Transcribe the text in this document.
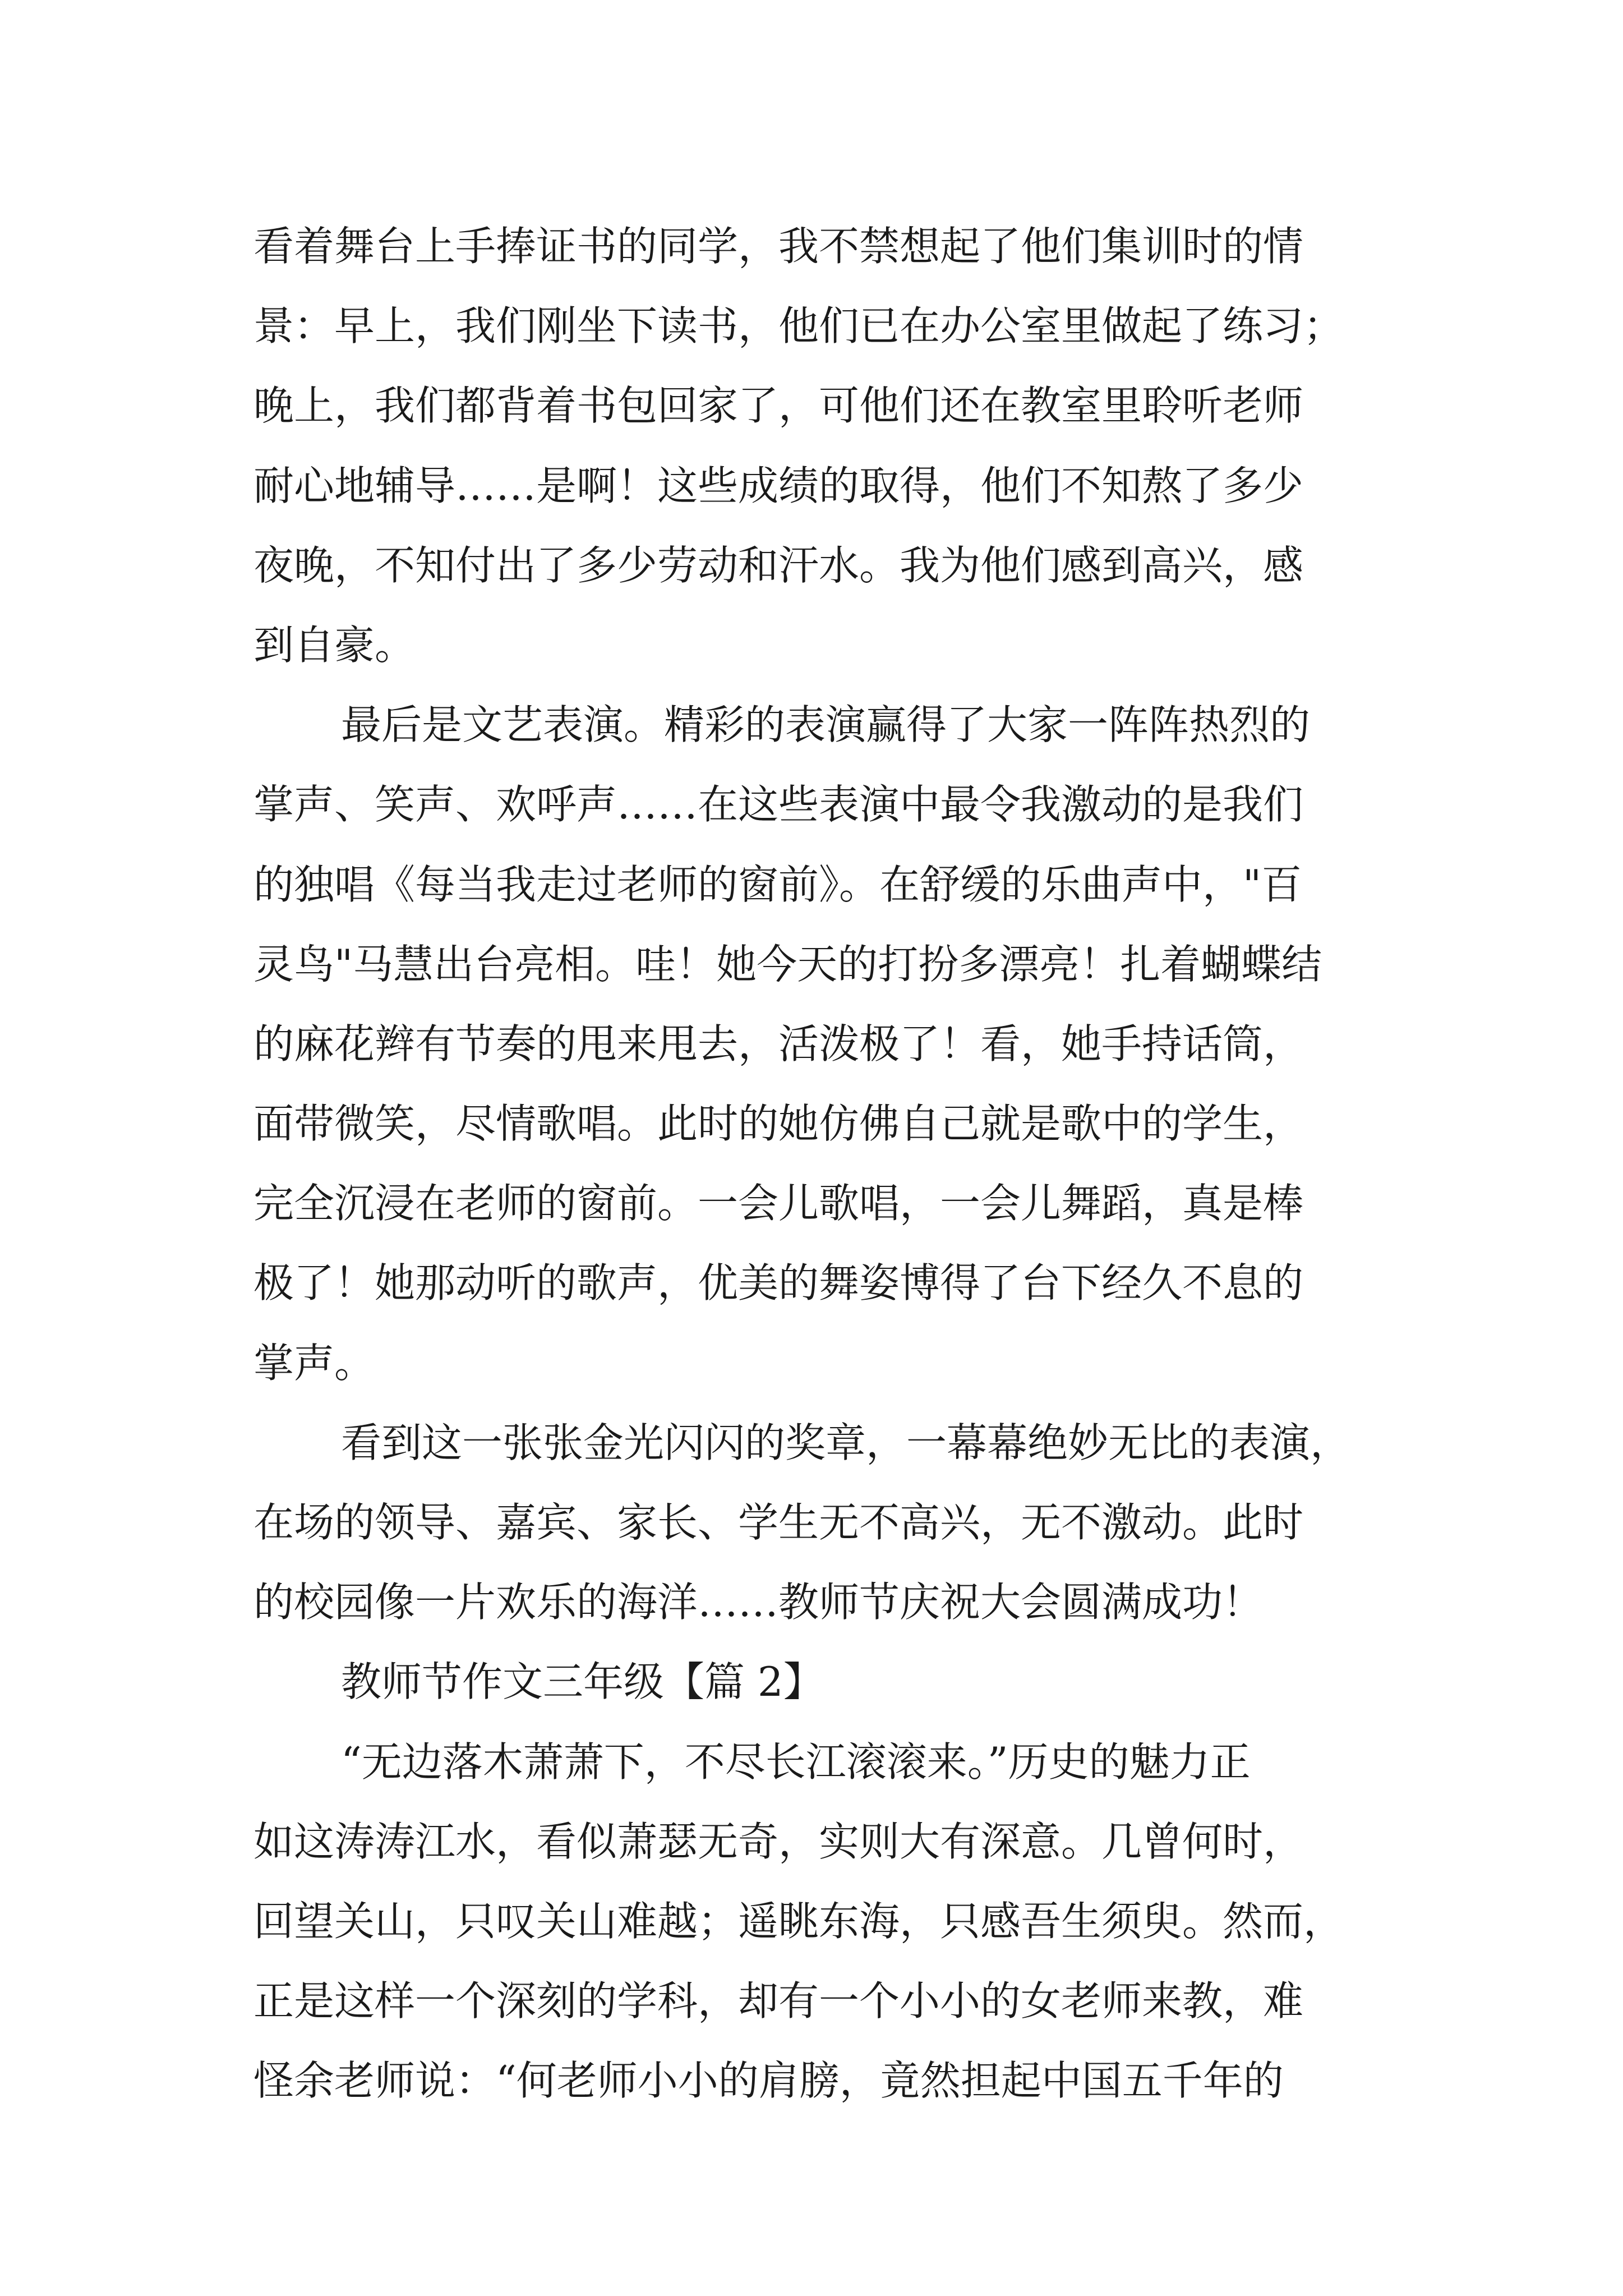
看着舞台上手捧证书的同学，我不禁想起了他们集训时的情
景：早上，我们刚坐下读书，他们已在办公室里做起了练习；
晚上，我们都背着书包回家了，可他们还在教室里聆听老师
耐心地辅导……是啊！这些成绩的取得，他们不知熬了多少
夜晚，不知付出了多少劳动和汗水。我为他们感到高兴，感
到自豪。
最后是文艺表演。精彩的表演赢得了大家一阵阵热烈的
掌声、笑声、欢呼声……在这些表演中最令我激动的是我们
的独唱《每当我走过老师的窗前》。在舒缓的乐曲声中，"百
灵鸟"马慧出台亮相。哇！她今天的打扮多漂亮！扎着蝴蝶结
的麻花辫有节奏的甩来甩去，活泼极了！看，她手持话筒，
面带微笑，尽情歌唱。此时的她仿佛自己就是歌中的学生，
完全沉浸在老师的窗前。一会儿歌唱，一会儿舞蹈，真是棒
极了！她那动听的歌声，优美的舞姿博得了台下经久不息的
掌声。
看到这一张张金光闪闪的奖章，一幕幕绝妙无比的表演，
在场的领导、嘉宾、家长、学生无不高兴，无不激动。此时
的校园像一片欢乐的海洋……教师节庆祝大会圆满成功！
教师节作文三年级【篇 2】
“无边落木萧萧下，不尽长江滚滚来。”历史的魅力正
如这涛涛江水，看似萧瑟无奇，实则大有深意。几曾何时，
回望关山，只叹关山难越；遥眺东海，只感吾生须臾。然而，
正是这样一个深刻的学科，却有一个小小的女老师来教，难
怪余老师说：“何老师小小的肩膀，竟然担起中国五千年的
